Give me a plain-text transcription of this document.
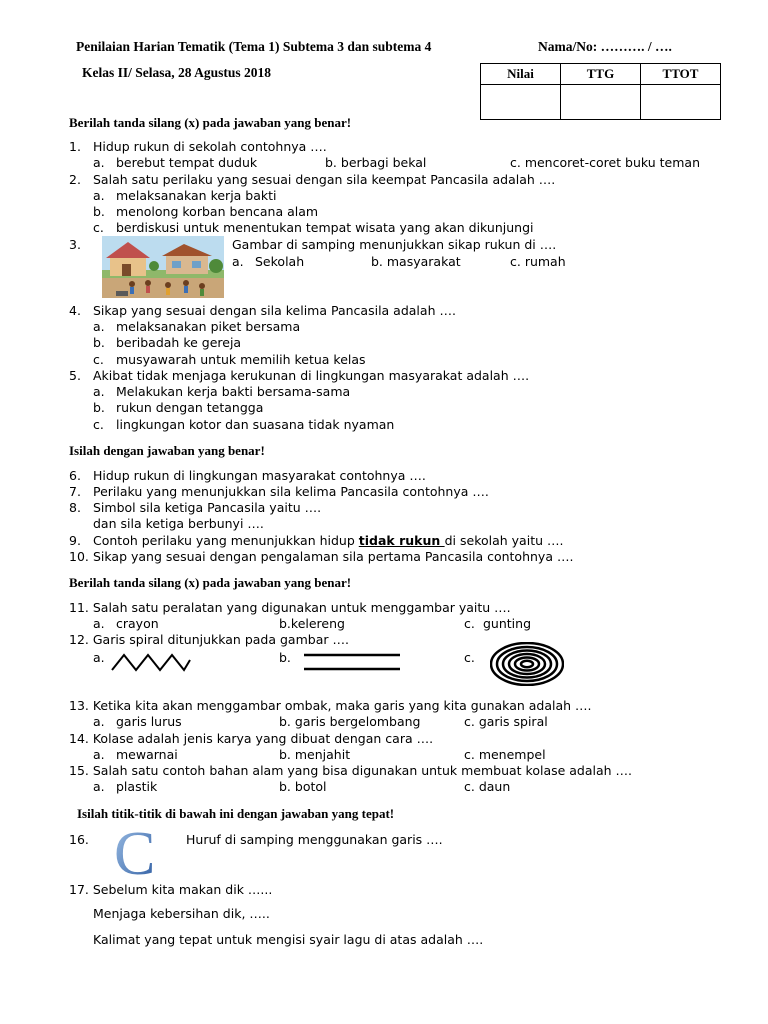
Penilaian Harian Tematik (Tema 1) Subtema 3 dan subtema 4	Nama/No: ………. / ….
Kelas II/ Selasa, 28 Agustus 2018	Nilai	TTG	TTOT

Berilah tanda silang (x) pada jawaban yang benar!
1. Hidup rukun di sekolah contohnya ….
a. berebut tempat duduk	b. berbagi bekal	c. mencoret-coret buku teman
2. Salah satu perilaku yang sesuai dengan sila keempat Pancasila adalah ….
a. melaksanakan kerja bakti
b. menolong korban bencana alam
c. berdiskusi untuk menentukan tempat wisata yang akan dikunjungi
3.	Gambar di samping menunjukkan sikap rukun di ….
a. Sekolah	b. masyarakat	c. rumah
4. Sikap yang sesuai dengan sila kelima Pancasila adalah ….
a. melaksanakan piket bersama
b. beribadah ke gereja
c. musyawarah untuk memilih ketua kelas
5. Akibat tidak menjaga kerukunan di lingkungan masyarakat adalah ….
a. Melakukan kerja bakti bersama-sama
b. rukun dengan tetangga
c. lingkungan kotor dan suasana tidak nyaman
Isilah dengan jawaban yang benar!
6. Hidup rukun di lingkungan masyarakat contohnya ….
7. Perilaku yang menunjukkan sila kelima Pancasila contohnya ….
8. Simbol sila ketiga Pancasila yaitu ….
dan sila ketiga berbunyi ….
9. Contoh perilaku yang menunjukkan hidup tidak rukun di sekolah yaitu ….
10. Sikap yang sesuai dengan pengalaman sila pertama Pancasila contohnya ….
Berilah tanda silang (x) pada jawaban yang benar!
11. Salah satu peralatan yang digunakan untuk menggambar yaitu ….
a. crayon	b.kelereng	c. gunting
12. Garis spiral ditunjukkan pada gambar ….
a.	b.	c.
13. Ketika kita akan menggambar ombak, maka garis yang kita gunakan adalah ….
a. garis lurus	b. garis bergelombang	c. garis spiral
14. Kolase adalah jenis karya yang dibuat dengan cara ….
a. mewarnai	b. menjahit	c. menempel
15. Salah satu contoh bahan alam yang bisa digunakan untuk membuat kolase adalah ….
a. plastik	b. botol	c. daun
Isilah titik-titik di bawah ini dengan jawaban yang tepat!
16. C Huruf di samping menggunakan garis ….
17. Sebelum kita makan dik …...
Menjaga kebersihan dik, …..
Kalimat yang tepat untuk mengisi syair lagu di atas adalah ….
